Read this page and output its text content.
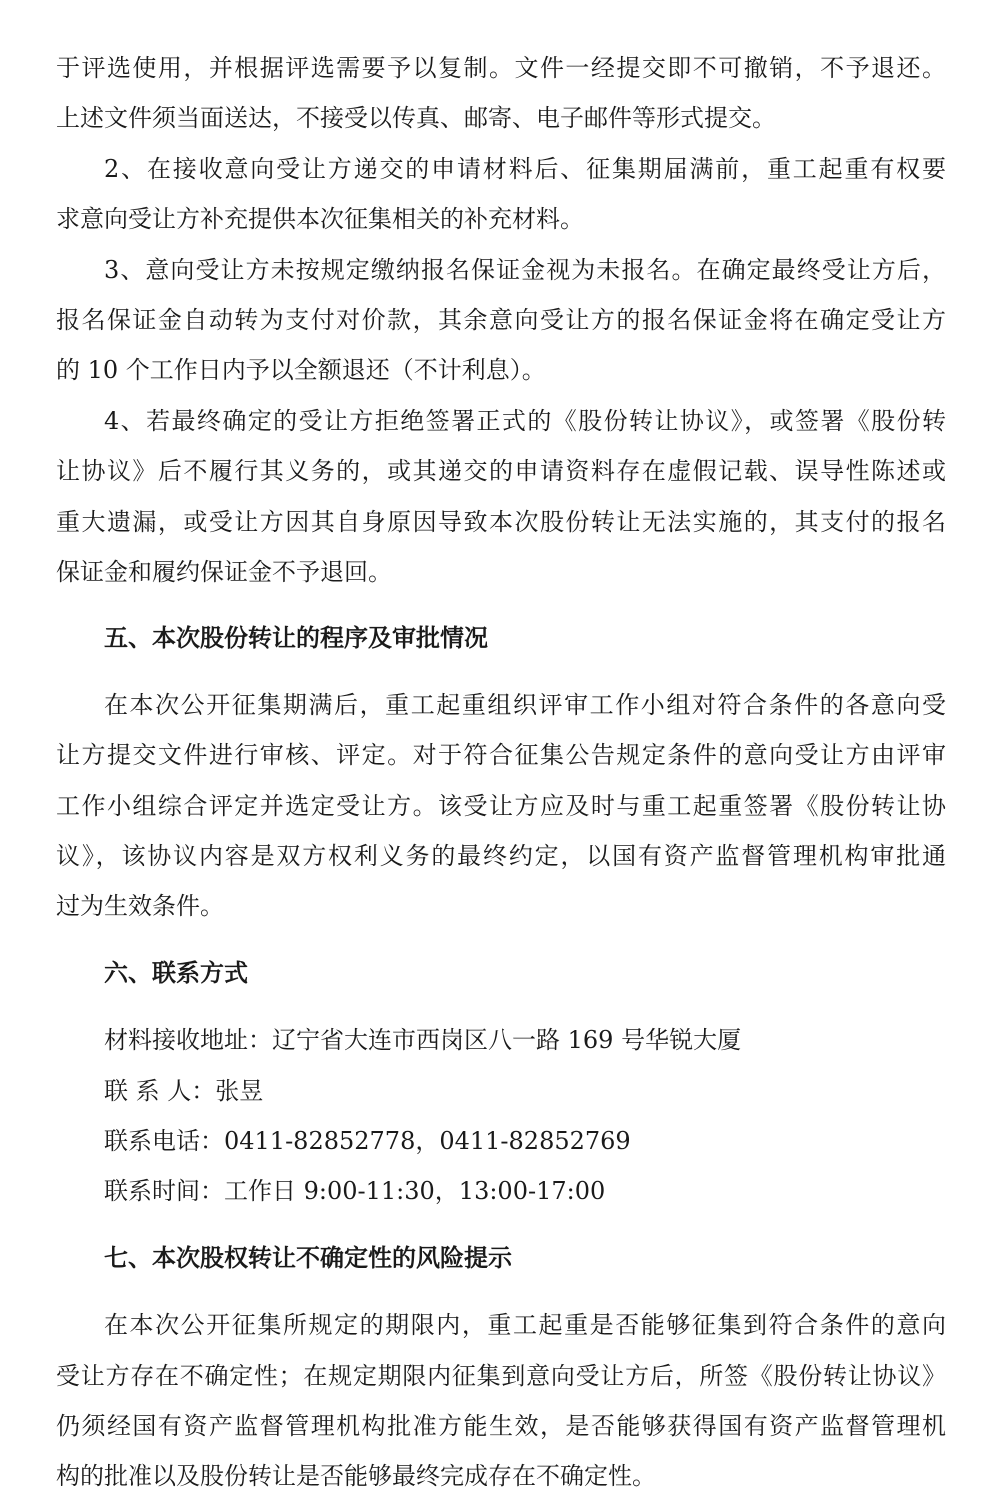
于评选使用，并根据评选需要予以复制。文件一经提交即不可撤销，不予退还。
上述文件须当面送达，不接受以传真、邮寄、电子邮件等形式提交。
2、在接收意向受让方递交的申请材料后、征集期届满前，重工起重有权要
求意向受让方补充提供本次征集相关的补充材料。
3、意向受让方未按规定缴纳报名保证金视为未报名。在确定最终受让方后，
报名保证金自动转为支付对价款，其余意向受让方的报名保证金将在确定受让方
的 10 个工作日内予以全额退还（不计利息）。
4、若最终确定的受让方拒绝签署正式的《股份转让协议》，或签署《股份转
让协议》后不履行其义务的，或其递交的申请资料存在虚假记载、误导性陈述或
重大遗漏，或受让方因其自身原因导致本次股份转让无法实施的，其支付的报名
保证金和履约保证金不予退回。
五、本次股份转让的程序及审批情况
在本次公开征集期满后，重工起重组织评审工作小组对符合条件的各意向受
让方提交文件进行审核、评定。对于符合征集公告规定条件的意向受让方由评审
工作小组综合评定并选定受让方。该受让方应及时与重工起重签署《股份转让协
议》，该协议内容是双方权利义务的最终约定，以国有资产监督管理机构审批通
过为生效条件。
六、联系方式
材料接收地址：辽宁省大连市西岗区八一路 169 号华锐大厦
联 系 人：张昱
联系电话：0411-82852778，0411-82852769
联系时间：工作日 9:00-11:30，13:00-17:00
七、本次股权转让不确定性的风险提示
在本次公开征集所规定的期限内，重工起重是否能够征集到符合条件的意向
受让方存在不确定性；在规定期限内征集到意向受让方后，所签《股份转让协议》
仍须经国有资产监督管理机构批准方能生效，是否能够获得国有资产监督管理机
构的批准以及股份转让是否能够最终完成存在不确定性。
